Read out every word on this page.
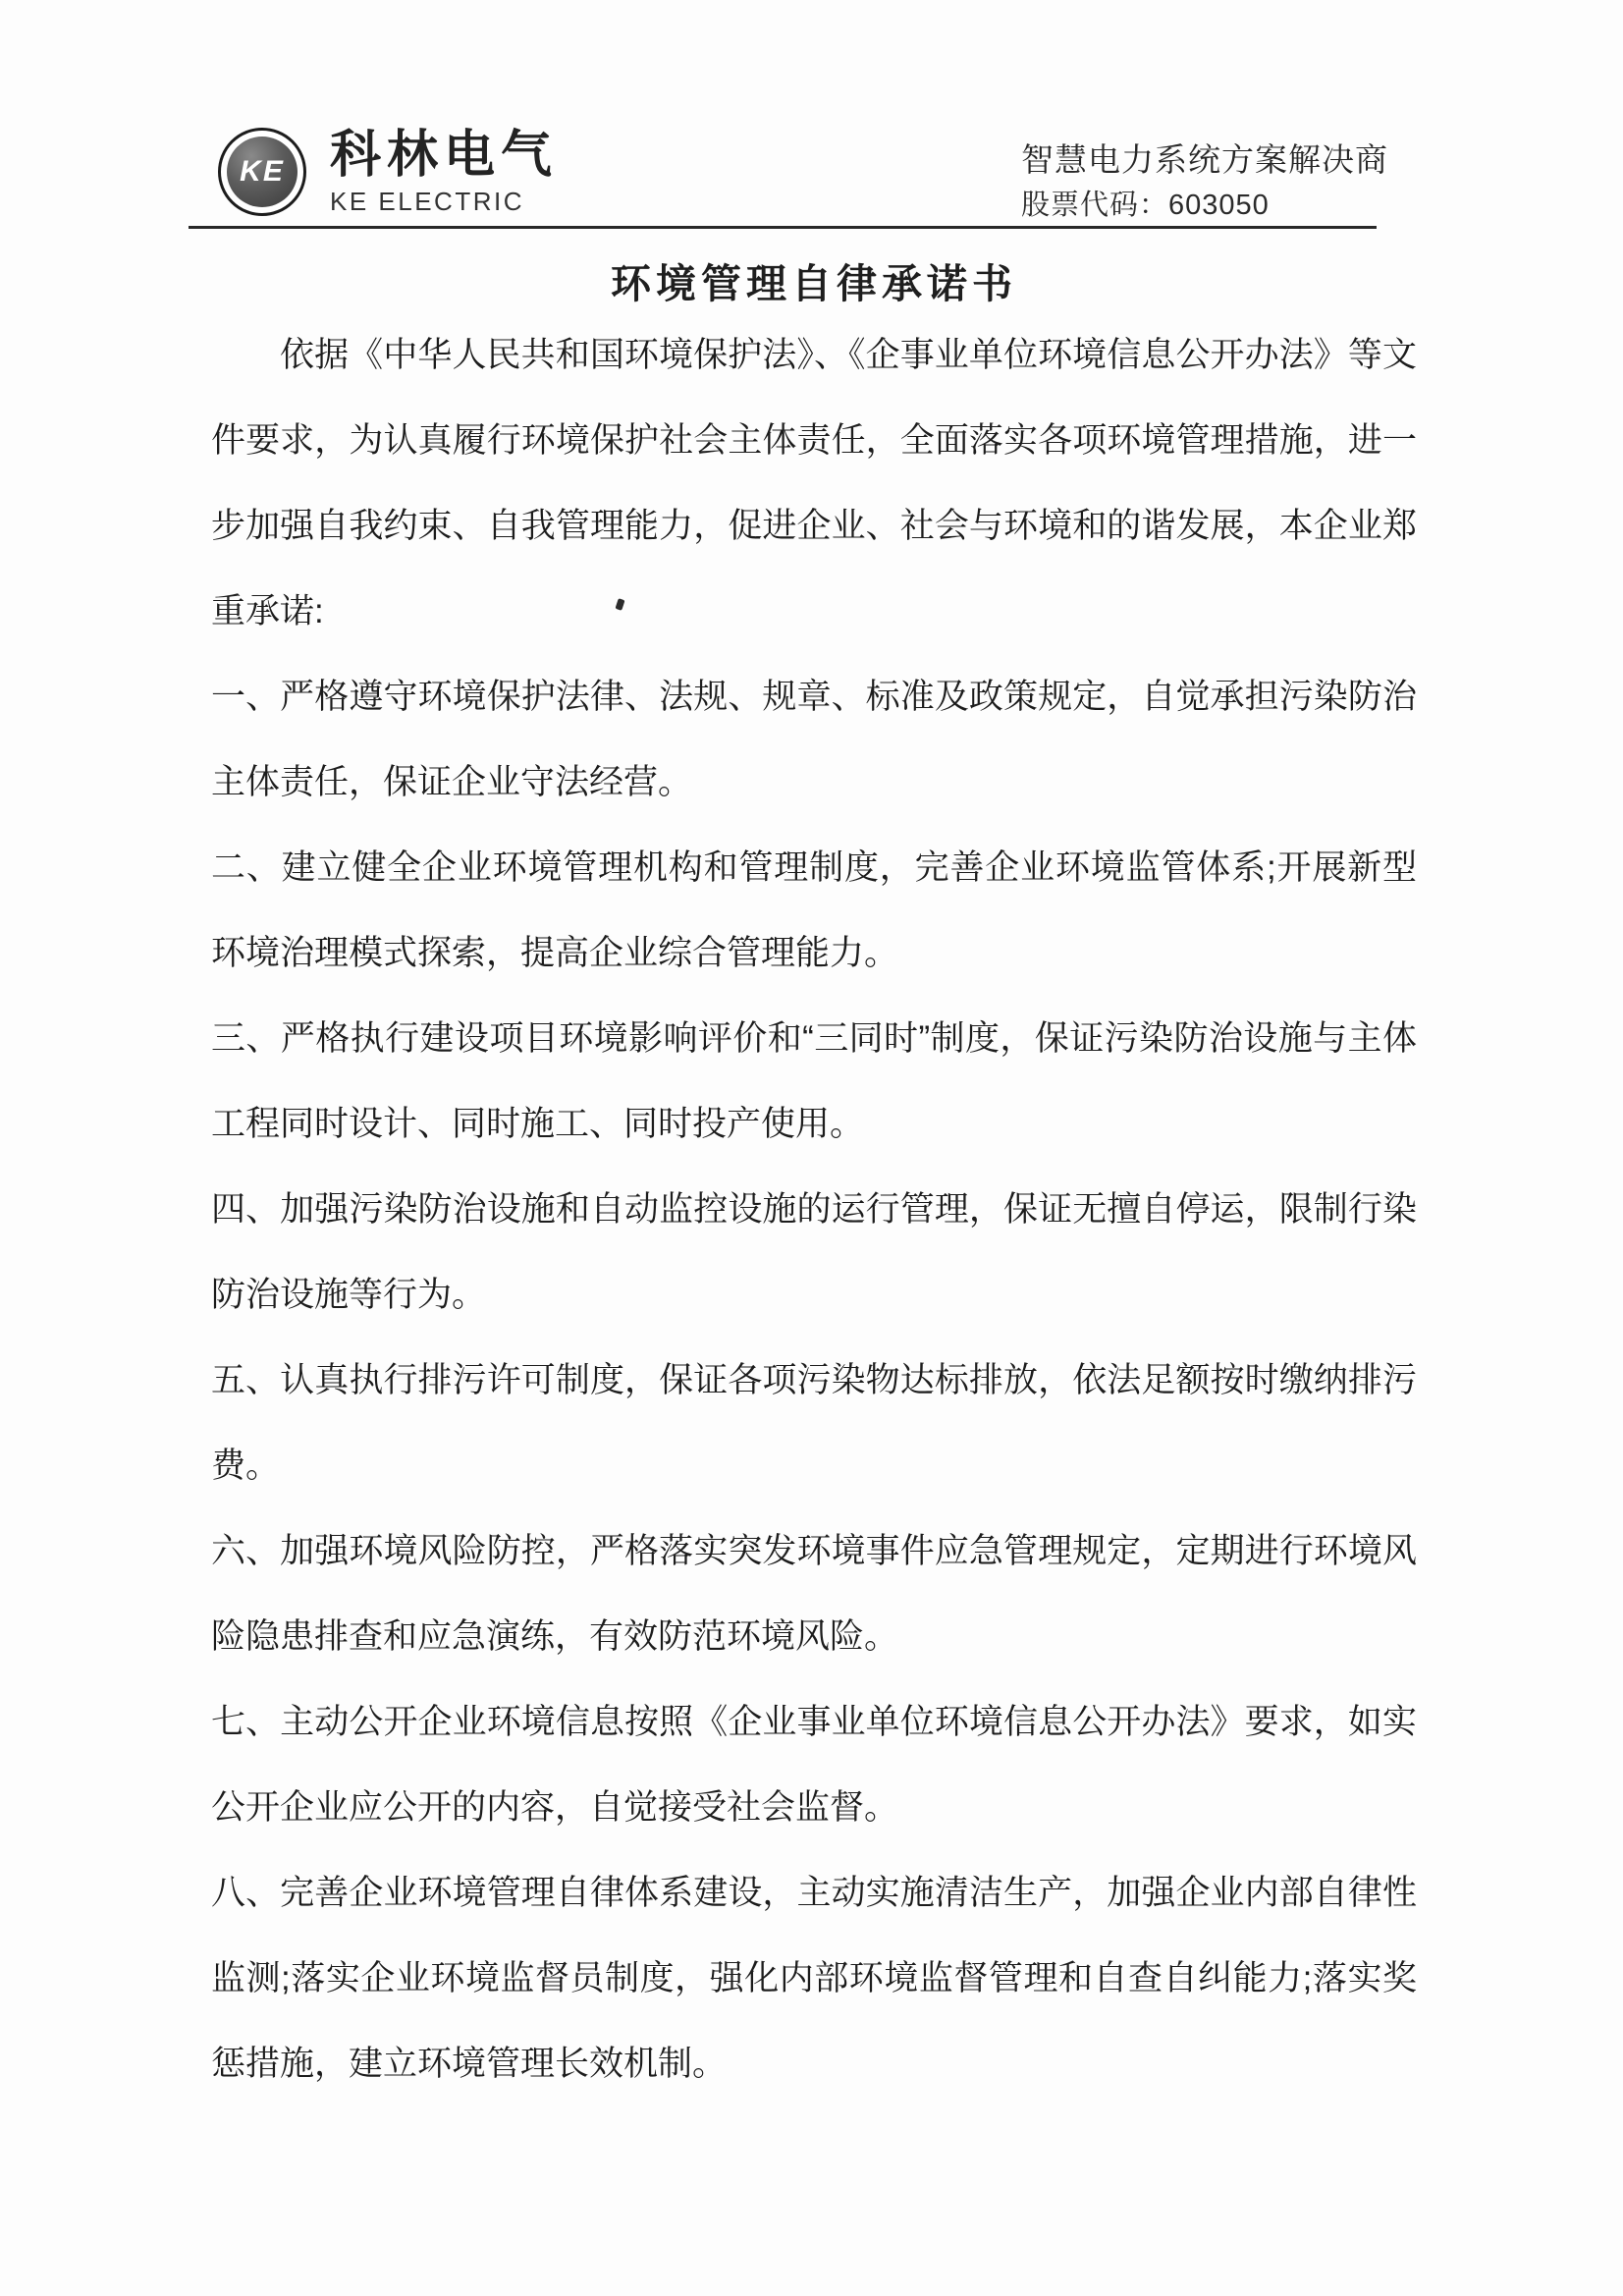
KE 科林电气
KE ELECTRIC
智慧电力系统方案解决商
股票代码：603050
环境管理自律承诺书

依据《中华人民共和国环境保护法》、《企事业单位环境信息公开办法》等文件要求，为认真履行环境保护社会主体责任，全面落实各项环境管理措施，进一步加强自我约束、自我管理能力，促进企业、社会与环境和的谐发展，本企业郑重承诺:

一、严格遵守环境保护法律、法规、规章、标准及政策规定，自觉承担污染防治主体责任，保证企业守法经营。

二、建立健全企业环境管理机构和管理制度，完善企业环境监管体系;开展新型环境治理模式探索，提高企业综合管理能力。

三、严格执行建设项目环境影响评价和“三同时”制度，保证污染防治设施与主体工程同时设计、同时施工、同时投产使用。

四、加强污染防治设施和自动监控设施的运行管理，保证无擅自停运，限制行染防治设施等行为。

五、认真执行排污许可制度，保证各项污染物达标排放，依法足额按时缴纳排污费。

六、加强环境风险防控，严格落实突发环境事件应急管理规定，定期进行环境风险隐患排查和应急演练，有效防范环境风险。

七、主动公开企业环境信息按照《企业事业单位环境信息公开办法》要求，如实公开企业应公开的内容，自觉接受社会监督。

八、完善企业环境管理自律体系建设，主动实施清洁生产，加强企业内部自律性监测;落实企业环境监督员制度，强化内部环境监督管理和自查自纠能力;落实奖惩措施，建立环境管理长效机制。
